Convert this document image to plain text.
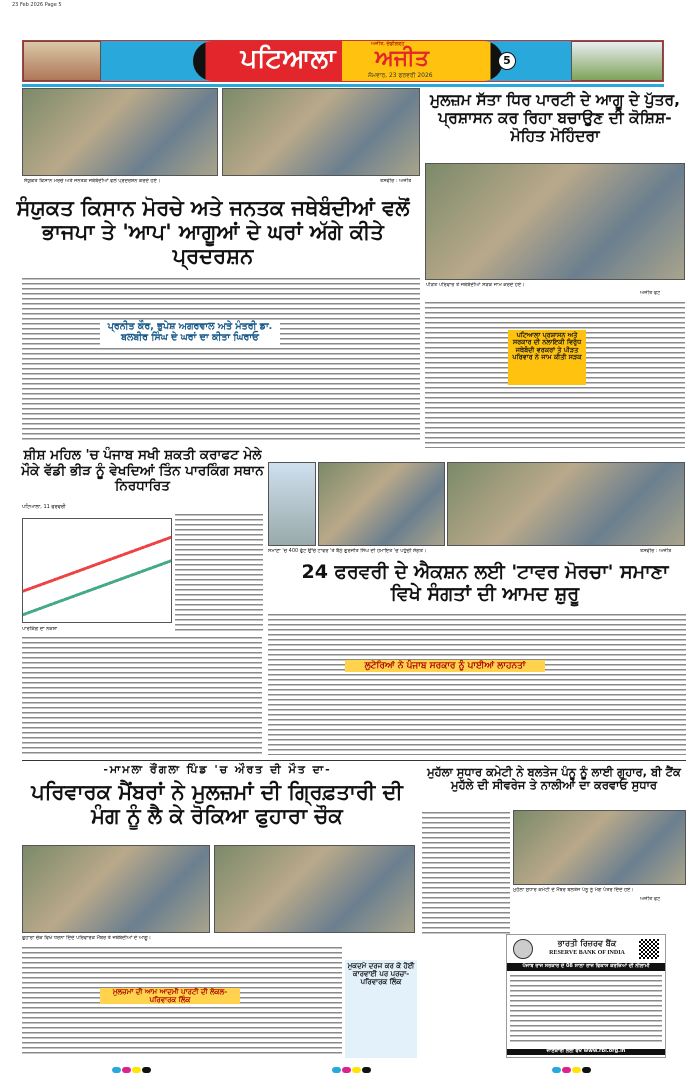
23 Feb 2026 Page 5
ਪਟਿਆਲਾ	ਅਜੀਤ, ਚੰਡੀਗੜ੍ਹ
ਅਜੀਤ
ਸੋਮਵਾਰ, 23 ਫਰਵਰੀ 2026
5
ਸੰਯੁਕਤ ਕਿਸਾਨ ਮੋਰਚੇ ਅਤੇ ਜਨਤਕ ਜਥੇਬੰਦੀਆਂ ਵਲੋਂ ਪ੍ਰਦਰਸ਼ਨ ਕਰਦੇ ਹੋਏ।	ਤਸਵੀਰ : ਅਜੀਤ
ਸੰਯੁਕਤ ਕਿਸਾਨ ਮੋਰਚੇ ਅਤੇ ਜਨਤਕ ਜਥੇਬੰਦੀਆਂ ਵਲੋਂ ਭਾਜਪਾ ਤੇ 'ਆਪ' ਆਗੂਆਂ ਦੇ ਘਰਾਂ ਅੱਗੇ ਕੀਤੇ ਪ੍ਰਦਰਸ਼ਨ
ਪ੍ਰਨੀਤ ਕੌਰ, ਭੁਪੇਸ਼ ਅਗਰਵਾਲ ਅਤੇ ਮੰਤਰੀ ਡਾ. ਬਲਬੀਰ ਸਿੰਘ ਦੇ ਘਰਾਂ ਦਾ ਕੀਤਾ ਘਿਰਾਓ
ਮੁਲਜ਼ਮ ਸੱਤਾ ਧਿਰ ਪਾਰਟੀ ਦੇ ਆਗੂ ਦੇ ਪੁੱਤਰ, ਪ੍ਰਸ਼ਾਸਨ ਕਰ ਰਿਹਾ ਬਚਾਉਣ ਦੀ ਕੋਸ਼ਿਸ਼-ਮੋਹਿਤ ਮੋਹਿੰਦਰਾ
ਪੀੜਤ ਪਰਿਵਾਰ ਤੇ ਜਥੇਬੰਦੀਆਂ ਸੜਕ ਜਾਮ ਕਰਦੇ ਹੋਏ।
ਅਜੀਤ ਫੋਟੋ
ਪਟਿਆਲਾ ਪ੍ਰਸ਼ਾਸਨ ਅਤੇ ਸਰਕਾਰ ਦੀ ਨਲਾਇਕੀ ਵਿਰੁੱਧ ਜਥੇਬੰਦੀ ਵਰਕਰਾਂ ਤੇ ਪੀੜਤ ਪਰਿਵਾਰ ਨੇ ਜਾਮ ਕੀਤੀ ਸੜਕ
ਸ਼ੀਸ਼ ਮਹਿਲ 'ਚ ਪੰਜਾਬ ਸਖੀ ਸ਼ਕਤੀ ਕਰਾਫਟ ਮੇਲੇ ਮੌਕੇ ਵੱਡੀ ਭੀੜ ਨੂੰ ਵੇਖਦਿਆਂ ਤਿੰਨ ਪਾਰਕਿੰਗ ਸਥਾਨ ਨਿਰਧਾਰਿਤ
ਪਟਿਆਲਾ, 11 ਫਰਵਰੀ
ਪਾਰਕਿੰਗ ਦਾ ਨਕਸ਼ਾ
ਸਮਾਣਾ 'ਚ 400 ਫੁੱਟ ਉੱਚੇ ਟਾਵਰ 'ਤੇ ਬੈਠੇ ਗੁਰਜੀਤ ਸਿੰਘ ਦੀ ਹਮਾਇਤ 'ਚ ਪਹੁੰਚੀ ਸੰਗਤ।	ਤਸਵੀਰ : ਅਜੀਤ
24 ਫਰਵਰੀ ਦੇ ਐਕਸ਼ਨ ਲਈ 'ਟਾਵਰ ਮੋਰਚਾ' ਸਮਾਣਾ ਵਿਖੇ ਸੰਗਤਾਂ ਦੀ ਆਮਦ ਸ਼ੁਰੂ
ਲੁਟੇਰਿਆਂ ਨੇ ਪੰਜਾਬ ਸਰਕਾਰ ਨੂੰ ਪਾਈਆਂ ਲਾਹਨਤਾਂ
-ਮਾਮਲਾ ਰੌਂਗਲਾ ਪਿੰਡ 'ਚ ਔਰਤ ਦੀ ਮੌਤ ਦਾ-
ਪਰਿਵਾਰਕ ਮੈਂਬਰਾਂ ਨੇ ਮੁਲਜ਼ਮਾਂ ਦੀ ਗ੍ਰਿਫ਼ਤਾਰੀ ਦੀ ਮੰਗ ਨੂੰ ਲੈ ਕੇ ਰੋਕਿਆ ਫੁਹਾਰਾ ਚੌਕ
ਫੁਹਾਰਾ ਚੌਕ ਵਿਖੇ ਧਰਨਾ ਦਿੰਦੇ ਪਰਿਵਾਰਕ ਮੈਂਬਰ ਤੇ ਜਥੇਬੰਦੀਆਂ ਦੇ ਆਗੂ।
ਮੁਲਜ਼ਮਾਂ ਦੀ ਆਮ ਆਦਮੀ ਪਾਰਟੀ ਦੀ ਲੋਕਲ-ਪਰਿਵਾਰਕ ਲਿੰਕ
ਮੁਕਦਮੇ ਦਰਜ ਕਰ ਕੇ ਹੋਈ ਕਾਰਵਾਈ ਪਰ ਪਰਚਾ-ਪਰਿਵਾਰਕ ਲਿੰਕ
ਮੁਹੱਲਾ ਸੁਧਾਰ ਕਮੇਟੀ ਨੇ ਬਲਤੇਜ ਪੰਨੂ ਨੂੰ ਲਾਈ ਗੁਹਾਰ, ਬੀ ਟੈਂਕ ਮੁਹੱਲੇ ਦੀ ਸੀਵਰੇਜ ਤੇ ਨਾਲੀਆਂ ਦਾ ਕਰਵਾਓ ਸੁਧਾਰ
ਮੁਹੱਲਾ ਸੁਧਾਰ ਕਮੇਟੀ ਦੇ ਮੈਂਬਰ ਬਲਤੇਜ ਪੰਨੂ ਨੂੰ ਮੰਗ ਪੱਤਰ ਦਿੰਦੇ ਹੋਏ।
ਅਜੀਤ ਫੋਟੋ
ਭਾਰਤੀ ਰਿਜ਼ਰਵ ਬੈਂਕ
RESERVE BANK OF INDIA
ਪੰਜਾਬ ਰਾਜ ਸਰਕਾਰ ਦੇ 08 ਸਾਲਾ ਰਾਜ ਵਿਕਾਸ ਕਰਜ਼ਿਆਂ ਦੀ ਨੀਲਾਮੀ
ਜਾਣਕਾਰੀ ਲਈ ਵੇਖੋ www.rbi.org.in
